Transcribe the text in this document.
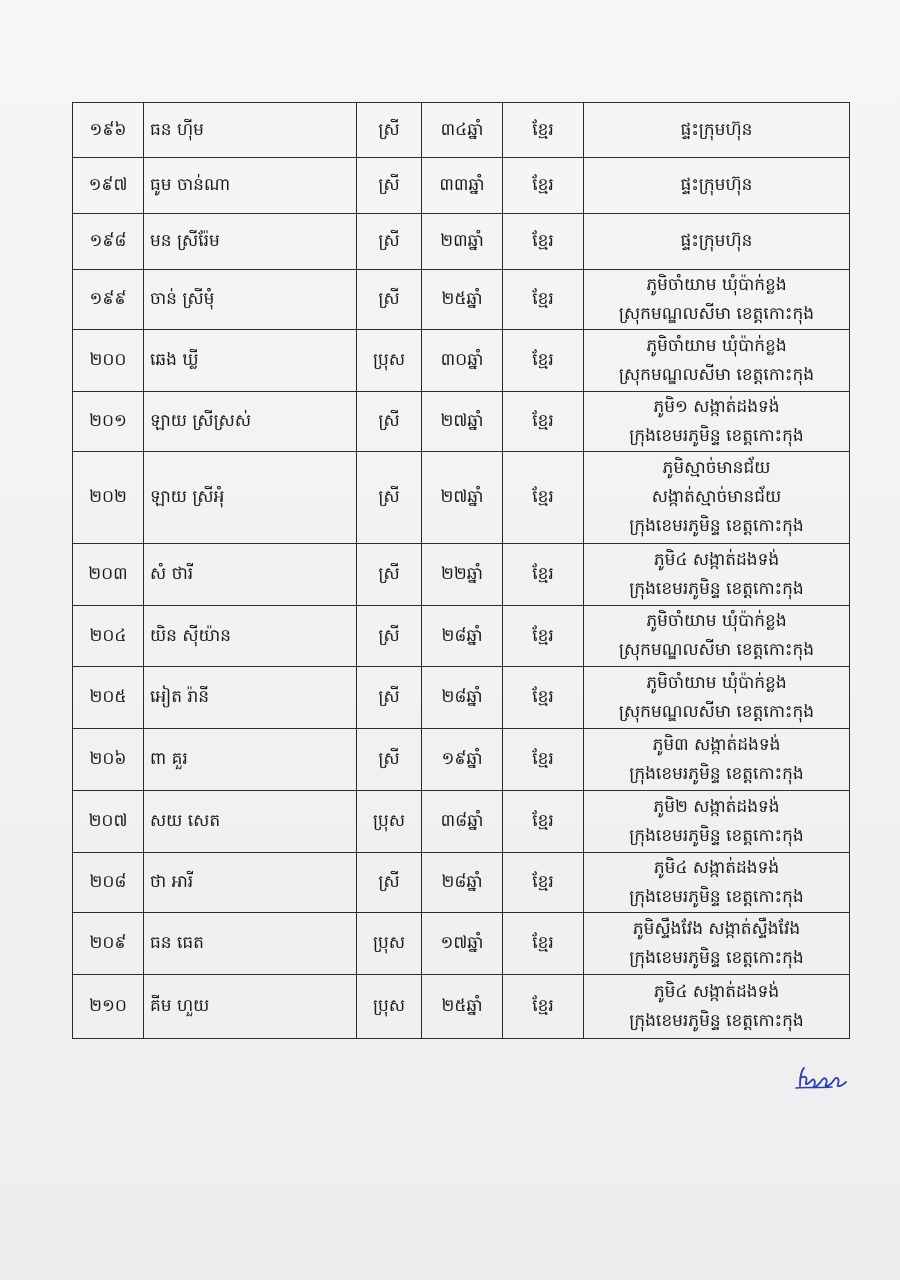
១៩៦	ធន ហ៊ីម	ស្រី	៣៤ឆ្នាំ	ខ្មែរ	ផ្ទះក្រុមហ៊ុន

១៩៧	ធូម ចាន់ណា	ស្រី	៣៣ឆ្នាំ	ខ្មែរ	ផ្ទះក្រុមហ៊ុន

១៩៨	មន ស្រីរ៉ែម	ស្រី	២៣ឆ្នាំ	ខ្មែរ	ផ្ទះក្រុមហ៊ុន

១៩៩	ចាន់ ស្រីមុំ	ស្រី	២៥ឆ្នាំ	ខ្មែរ	ភូមិចាំយាម ឃុំប៉ាក់ខ្លង
ស្រុកមណ្ឌលសីមា ខេត្តកោះកុង

២០០	ឆេង ឃ្លី	ប្រុស	៣០ឆ្នាំ	ខ្មែរ	ភូមិចាំយាម ឃុំប៉ាក់ខ្លង
ស្រុកមណ្ឌលសីមា ខេត្តកោះកុង

២០១	ឡាយ ស្រីស្រស់	ស្រី	២៧ឆ្នាំ	ខ្មែរ	ភូមិ១ សង្កាត់ដងទង់
ក្រុងខេមរភូមិន្ទ ខេត្តកោះកុង

២០២	ឡាយ ស្រីអុំ	ស្រី	២៧ឆ្នាំ	ខ្មែរ	ភូមិស្មាច់មានជ័យ
សង្កាត់ស្មាច់មានជ័យ
ក្រុងខេមរភូមិន្ទ ខេត្តកោះកុង

២០៣	សំ ថារី	ស្រី	២២ឆ្នាំ	ខ្មែរ	ភូមិ៤ សង្កាត់ដងទង់
ក្រុងខេមរភូមិន្ទ ខេត្តកោះកុង

២០៤	យិន ស៊ីយ៉ាន	ស្រី	២៨ឆ្នាំ	ខ្មែរ	ភូមិចាំយាម ឃុំប៉ាក់ខ្លង
ស្រុកមណ្ឌលសីមា ខេត្តកោះកុង

២០៥	អៀត រ៉ានី	ស្រី	២៨ឆ្នាំ	ខ្មែរ	ភូមិចាំយាម ឃុំប៉ាក់ខ្លង
ស្រុកមណ្ឌលសីមា ខេត្តកោះកុង

២០៦	ពា គួរ	ស្រី	១៩ឆ្នាំ	ខ្មែរ	ភូមិ៣ សង្កាត់ដងទង់
ក្រុងខេមរភូមិន្ទ ខេត្តកោះកុង

២០៧	សយ សេត	ប្រុស	៣៨ឆ្នាំ	ខ្មែរ	ភូមិ២ សង្កាត់ដងទង់
ក្រុងខេមរភូមិន្ទ ខេត្តកោះកុង

២០៨	ថា អារី	ស្រី	២៨ឆ្នាំ	ខ្មែរ	ភូមិ៤ សង្កាត់ដងទង់
ក្រុងខេមរភូមិន្ទ ខេត្តកោះកុង

២០៩	ធន ធេត	ប្រុស	១៧ឆ្នាំ	ខ្មែរ	ភូមិស្ទឹងវែង សង្កាត់ស្ទឹងវែង
ក្រុងខេមរភូមិន្ទ ខេត្តកោះកុង

២១០	គីម ហួយ	ប្រុស	២៥ឆ្នាំ	ខ្មែរ	ភូមិ៤ សង្កាត់ដងទង់
ក្រុងខេមរភូមិន្ទ ខេត្តកោះកុង
